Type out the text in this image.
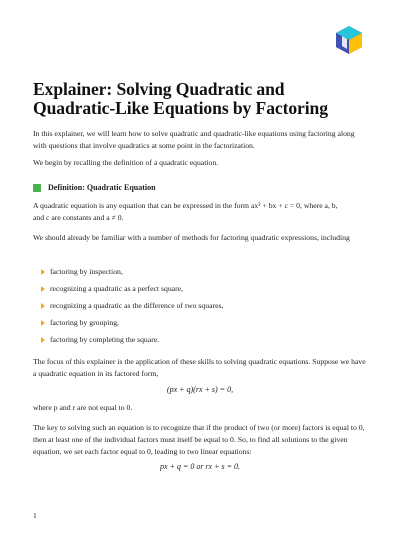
Explainer: Solving Quadratic and Quadratic-Like Equations by Factoring

In this explainer, we will learn how to solve quadratic and quadratic-like equations using factoring along with questions that involve quadratics at some point in the factorization.

We begin by recalling the definition of a quadratic equation.

Definition: Quadratic Equation

A quadratic equation is any equation that can be expressed in the form ax² + bx + c = 0, where a, b,

and c are constants and a ≠ 0.

We should already be familiar with a number of methods for factoring quadratic expressions, including

factoring by inspection,
recognizing a quadratic as a perfect square,
recognizing a quadratic as the difference of two squares,
factoring by grouping,
factoring by completing the square.

The focus of this explainer is the application of these skills to solving quadratic equations. Suppose we have a quadratic equation in its factored form,

(px + q)(rx + s) = 0,

where p and r are not equal to 0.

The key to solving such an equation is to recognize that if the product of two (or more) factors is equal to 0, then at least one of the individual factors must itself be equal to 0. So, to find all solutions to the given equation, we set each factor equal to 0, leading to two linear equations:

px + q = 0 or rx + s = 0.
1
